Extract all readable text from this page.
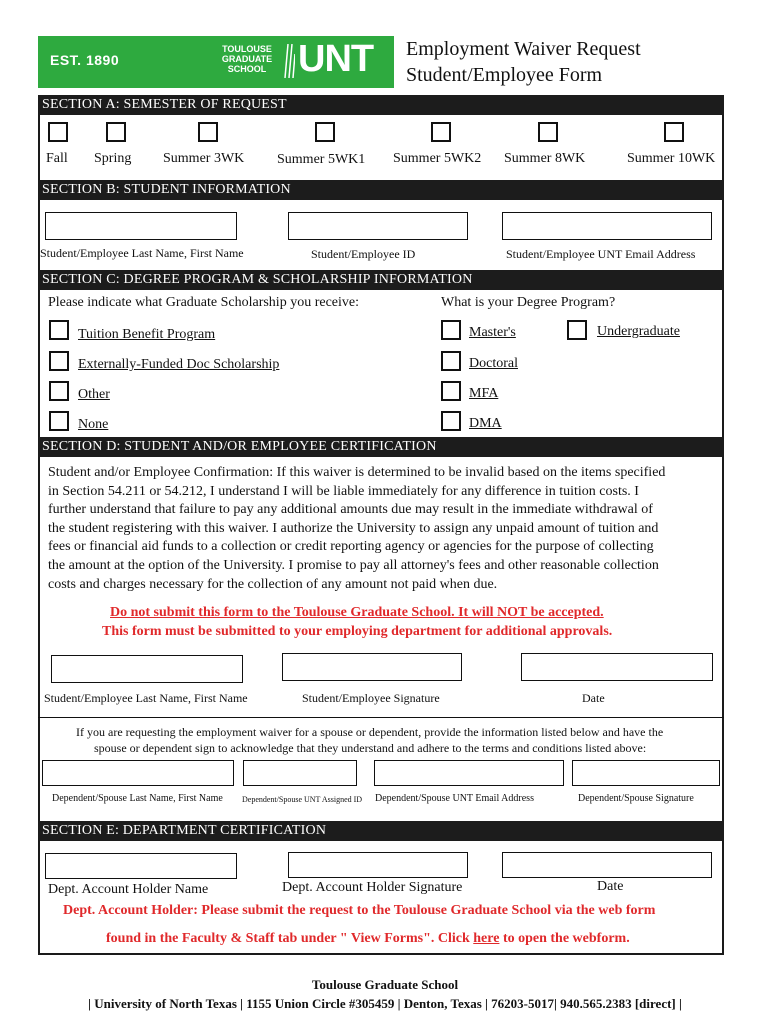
EST. 1890
TOULOUSE
GRADUATE
SCHOOL UNT Employment Waiver Request
Student/Employee Form
SECTION A: SEMESTER OF REQUEST
Fall Spring Summer 3WK Summer 5WK1 Summer 5WK2 Summer 8WK	Summer 10WK
SECTION B: STUDENT INFORMATION
Student/Employee Last Name, First Name	Student/Employee ID	Student/Employee UNT Email Address
SECTION C: DEGREE PROGRAM & SCHOLARSHIP INFORMATION
Please indicate what Graduate Scholarship you receive:	What is your Degree Program?
Tuition Benefit Program
Externally-Funded Doc Scholarship
Other
None
Master's
Doctoral
MFA
DMA
Undergraduate
SECTION D: STUDENT AND/OR EMPLOYEE CERTIFICATION
Student and/or Employee Confirmation: If this waiver is determined to be invalid based on the items specified
in Section 54.211 or 54.212, I understand I will be liable immediately for any difference in tuition costs. I
further understand that failure to pay any additional amounts due may result in the immediate withdrawal of
the student registering with this waiver. I authorize the University to assign any unpaid amount of tuition and
fees or financial aid funds to a collection or credit reporting agency or agencies for the purpose of collecting
the amount at the option of the University. I promise to pay all attorney's fees and other reasonable collection
costs and charges necessary for the collection of any amount not paid when due.
Do not submit this form to the Toulouse Graduate School. It will NOT be accepted.
This form must be submitted to your employing department for additional approvals.
Student/Employee Last Name, First Name	Student/Employee Signature	Date
If you are requesting the employment waiver for a spouse or dependent, provide the information listed below and have the
spouse or dependent sign to acknowledge that they understand and adhere to the terms and conditions listed above:
Dependent/Spouse Last Name, First Name Dependent/Spouse UNT Assigned ID Dependent/Spouse UNT Email Address	Dependent/Spouse Signature
SECTION E: DEPARTMENT CERTIFICATION
Dept. Account Holder Name	Dept. Account Holder Signature	Date
Dept. Account Holder: Please submit the request to the Toulouse Graduate School via the web form
found in the Faculty & Staff tab under " View Forms". Click here to open the webform.
Toulouse Graduate School
| University of North Texas | 1155 Union Circle #305459 | Denton, Texas | 76203-5017| 940.565.2383 [direct] |
